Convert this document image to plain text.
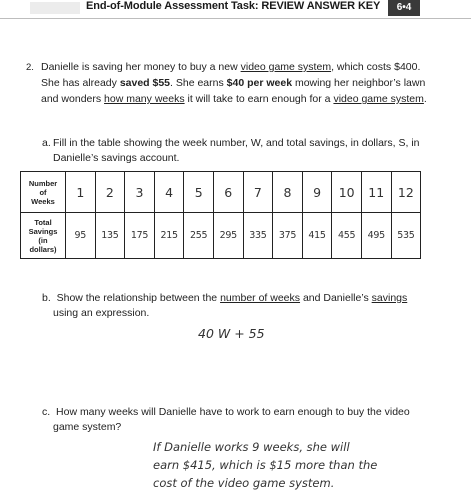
End-of-Module Assessment Task: REVIEW ANSWER KEY	6•4
2. Danielle is saving her money to buy a new video game system, which costs $400.
She has already saved $55. She earns $40 per week mowing her neighbor’s lawn
and wonders how many weeks it will take to earn enough for a video game system.
a. Fill in the table showing the week number, W, and total savings, in dollars, S, in
Danielle’s savings account.
Number
of
Weeks	1	2	3	4	5	6	7	8	9	10	11	12

Total
Savings
(in
dollars)	95	135	175	215	255	295	335	375	415	455	495	535
b. Show the relationship between the number of weeks and Danielle’s savings
using an expression.
40 W + 55
c. How many weeks will Danielle have to work to earn enough to buy the video
game system?
If Danielle works 9 weeks, she will
earn $415, which is $15 more than the
cost of the video game system.
